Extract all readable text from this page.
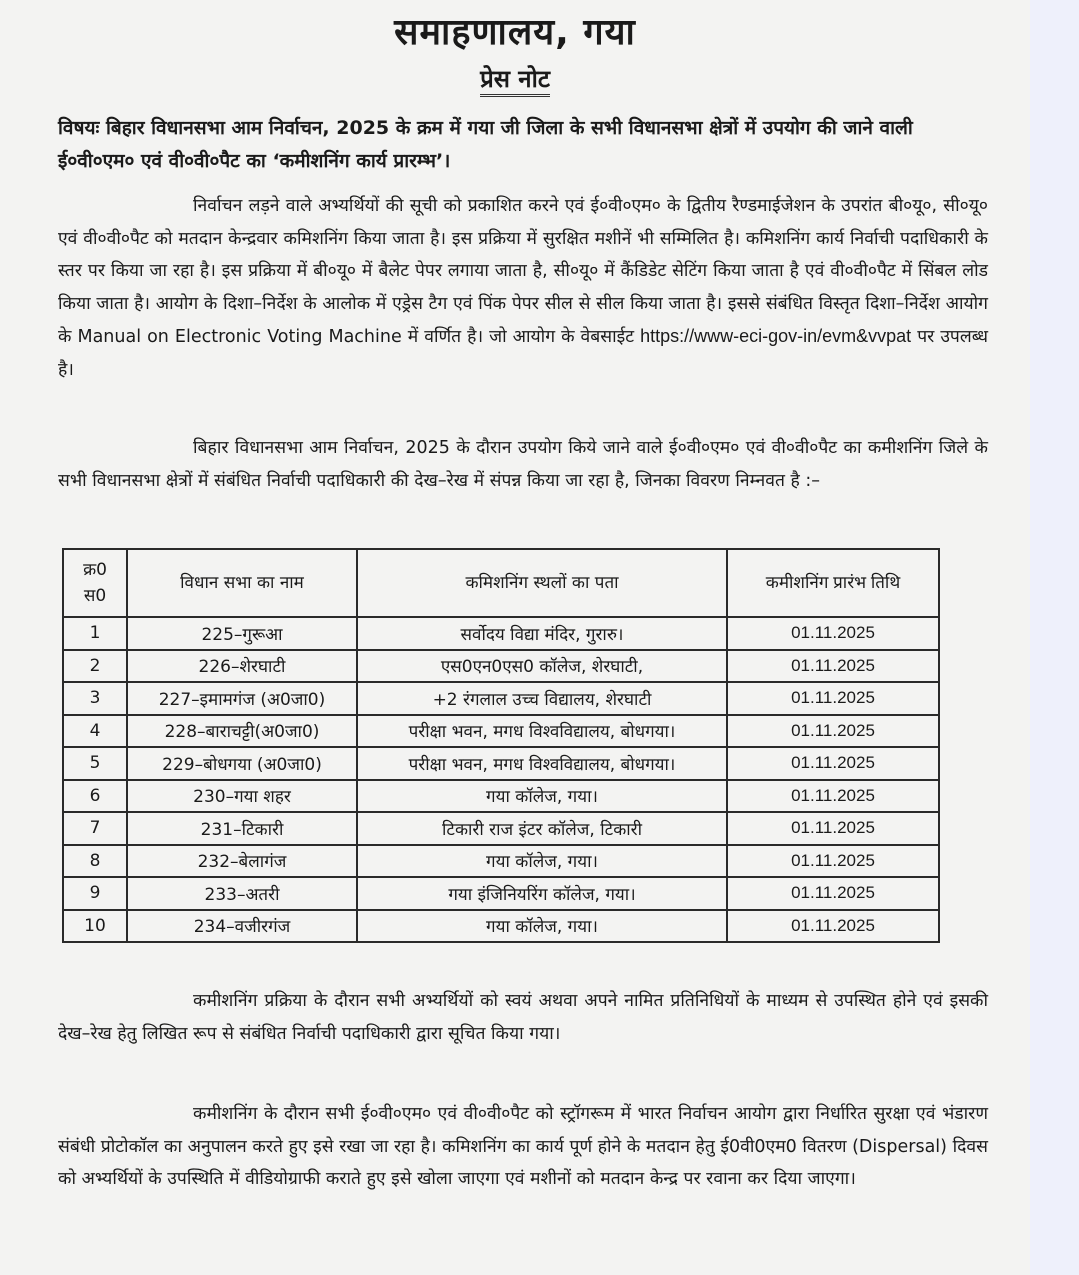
समाहणालय, गया
प्रेस नोट
विषयः बिहार विधानसभा आम निर्वाचन, 2025 के क्रम में गया जी जिला के सभी विधानसभा क्षेत्रों में उपयोग की जाने वाली ई०वी०एम० एवं वी०वी०पैट का ‘कमीशनिंग कार्य प्रारम्भ’।
निर्वाचन लड़ने वाले अभ्यर्थियों की सूची को प्रकाशित करने एवं ई०वी०एम० के द्वितीय रैण्डमाईजेशन के उपरांत बी०यू०, सी०यू० एवं वी०वी०पैट को मतदान केन्द्रवार कमिशनिंग किया जाता है। इस प्रक्रिया में सुरक्षित मशीनें भी सम्मिलित है। कमिशनिंग कार्य निर्वाची पदाधिकारी के स्तर पर किया जा रहा है। इस प्रक्रिया में बी०यू० में बैलेट पेपर लगाया जाता है, सी०यू० में कैंडिडेट सेटिंग किया जाता है एवं वी०वी०पैट में सिंबल लोड किया जाता है। आयोग के दिशा–निर्देश के आलोक में एड्रेस टैग एवं पिंक पेपर सील से सील किया जाता है। इससे संबंधित विस्तृत दिशा–निर्देश आयोग के Manual on Electronic Voting Machine में वर्णित है। जो आयोग के वेबसाईट https://www-eci-gov-in/evm&vvpat पर उपलब्ध है।
बिहार विधानसभा आम निर्वाचन, 2025 के दौरान उपयोग किये जाने वाले ई०वी०एम० एवं वी०वी०पैट का कमीशनिंग जिले के सभी विधानसभा क्षेत्रों में संबंधित निर्वाची पदाधिकारी की देख–रेख में संपन्न किया जा रहा है, जिनका विवरण निम्नवत है :–
क्र0 स0	विधान सभा का नाम	कमिशनिंग स्थलों का पता	कमीशनिंग प्रारंभ तिथि
1	225–गुरूआ	सर्वोदय विद्या मंदिर, गुरारु।	01.11.2025
2	226–शेरघाटी	एस0एन0एस0 कॉलेज, शेरघाटी,	01.11.2025
3	227–इमामगंज (अ0जा0)	+2 रंगलाल उच्च विद्यालय, शेरघाटी	01.11.2025
4	228–बाराचट्टी(अ0जा0)	परीक्षा भवन, मगध विश्वविद्यालय, बोधगया।	01.11.2025
5	229–बोधगया (अ0जा0)	परीक्षा भवन, मगध विश्वविद्यालय, बोधगया।	01.11.2025
6	230–गया शहर	गया कॉलेज, गया।	01.11.2025
7	231–टिकारी	टिकारी राज इंटर कॉलेज, टिकारी	01.11.2025
8	232–बेलागंज	गया कॉलेज, गया।	01.11.2025
9	233–अतरी	गया इंजिनियरिंग कॉलेज, गया।	01.11.2025
10	234–वजीरगंज	गया कॉलेज, गया।	01.11.2025
कमीशनिंग प्रक्रिया के दौरान सभी अभ्यर्थियों को स्वयं अथवा अपने नामित प्रतिनिधियों के माध्यम से उपस्थित होने एवं इसकी देख–रेख हेतु लिखित रूप से संबंधित निर्वाची पदाधिकारी द्वारा सूचित किया गया।
कमीशनिंग के दौरान सभी ई०वी०एम० एवं वी०वी०पैट को स्ट्रॉगरूम में भारत निर्वाचन आयोग द्वारा निर्धारित सुरक्षा एवं भंडारण संबंधी प्रोटोकॉल का अनुपालन करते हुए इसे रखा जा रहा है। कमिशनिंग का कार्य पूर्ण होने के मतदान हेतु ई0वी0एम0 वितरण (Dispersal) दिवस को अभ्यर्थियों के उपस्थिति में वीडियोग्राफी कराते हुए इसे खोला जाएगा एवं मशीनों को मतदान केन्द्र पर रवाना कर दिया जाएगा।
